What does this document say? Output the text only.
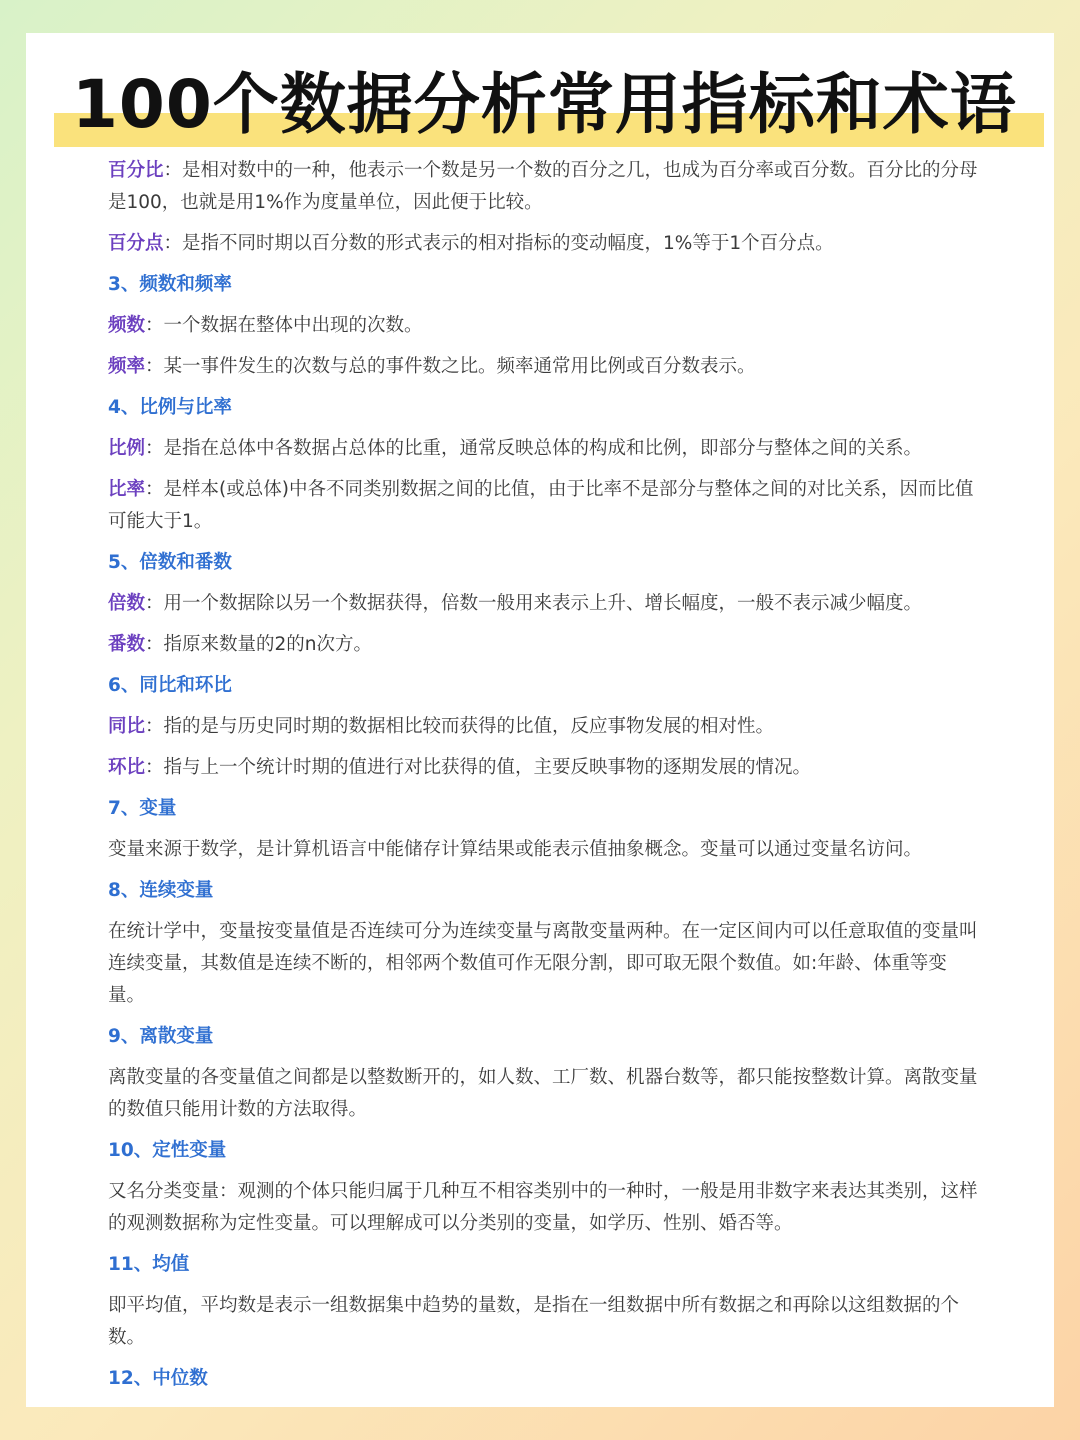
100个数据分析常用指标和术语

百分比：是相对数中的一种，他表示一个数是另一个数的百分之几，也成为百分率或百分数。百分比的分母是100，也就是用1%作为度量单位，因此便于比较。

百分点：是指不同时期以百分数的形式表示的相对指标的变动幅度，1%等于1个百分点。

3、频数和频率

频数：一个数据在整体中出现的次数。

频率：某一事件发生的次数与总的事件数之比。频率通常用比例或百分数表示。

4、比例与比率

比例：是指在总体中各数据占总体的比重，通常反映总体的构成和比例，即部分与整体之间的关系。

比率：是样本(或总体)中各不同类别数据之间的比值，由于比率不是部分与整体之间的对比关系，因而比值可能大于1。

5、倍数和番数

倍数：用一个数据除以另一个数据获得，倍数一般用来表示上升、增长幅度，一般不表示减少幅度。

番数：指原来数量的2的n次方。

6、同比和环比

同比：指的是与历史同时期的数据相比较而获得的比值，反应事物发展的相对性。

环比：指与上一个统计时期的值进行对比获得的值，主要反映事物的逐期发展的情况。

7、变量

变量来源于数学，是计算机语言中能储存计算结果或能表示值抽象概念。变量可以通过变量名访问。

8、连续变量

在统计学中，变量按变量值是否连续可分为连续变量与离散变量两种。在一定区间内可以任意取值的变量叫连续变量，其数值是连续不断的，相邻两个数值可作无限分割，即可取无限个数值。如:年龄、体重等变量。

9、离散变量

离散变量的各变量值之间都是以整数断开的，如人数、工厂数、机器台数等，都只能按整数计算。离散变量的数值只能用计数的方法取得。

10、定性变量

又名分类变量：观测的个体只能归属于几种互不相容类别中的一种时，一般是用非数字来表达其类别，这样的观测数据称为定性变量。可以理解成可以分类别的变量，如学历、性别、婚否等。

11、均值

即平均值，平均数是表示一组数据集中趋势的量数，是指在一组数据中所有数据之和再除以这组数据的个数。

12、中位数
